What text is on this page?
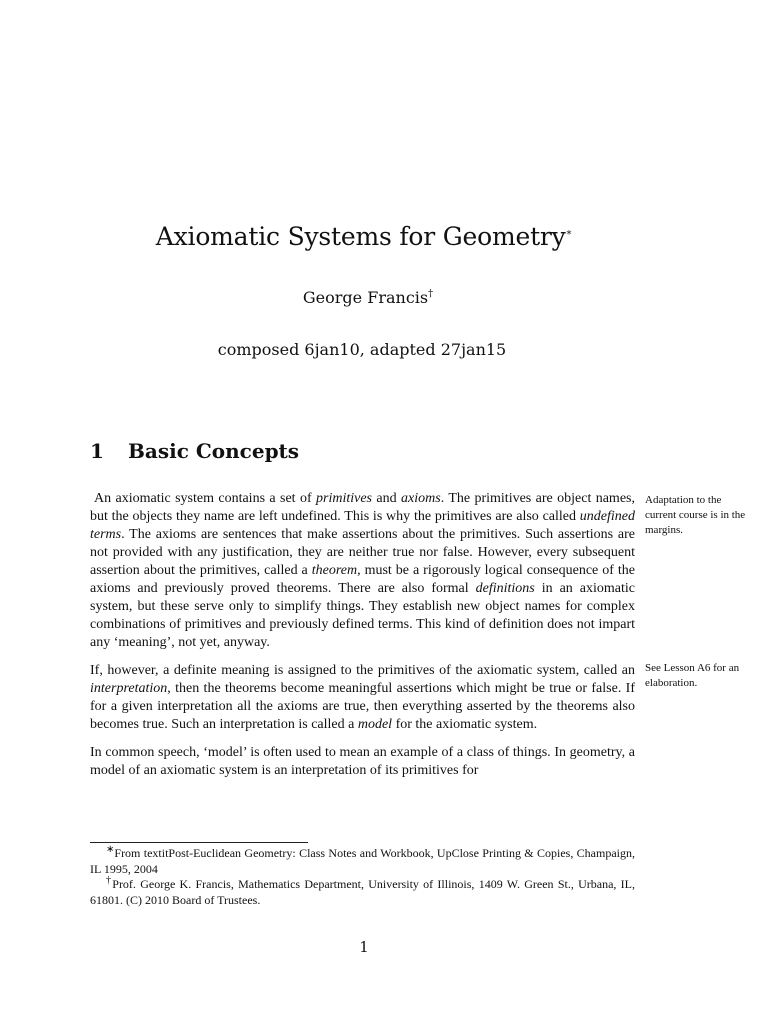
Axiomatic Systems for Geometry∗
George Francis†
composed 6jan10, adapted 27jan15
1 Basic Concepts

An axiomatic system contains a set of primitives and axioms. The primitives are object names, but the objects they name are left undefined. This is why the primitives are also called undefined terms. The axioms are sentences that make assertions about the primitives. Such assertions are not provided with any justification, they are neither true nor false. However, every subsequent assertion about the primitives, called a theorem, must be a rigorously logical consequence of the axioms and previously proved theorems. There are also formal definitions in an axiomatic system, but these serve only to simplify things. They establish new object names for complex combinations of primitives and previously defined terms. This kind of definition does not impart any ‘meaning’, not yet, anyway.

If, however, a definite meaning is assigned to the primitives of the axiomatic system, called an interpretation, then the theorems become meaningful assertions which might be true or false. If for a given interpretation all the axioms are true, then everything asserted by the theorems also becomes true. Such an interpretation is called a model for the axiomatic system.

In common speech, ‘model’ is often used to mean an example of a class of things. In geometry, a model of an axiomatic system is an interpretation of its primitives for

Adaptation to the current course is in the margins.
See Lesson A6 for an elaboration.
∗From textitPost-Euclidean Geometry: Class Notes and Workbook, UpClose Printing & Copies, Champaign, IL 1995, 2004
†Prof. George K. Francis, Mathematics Department, University of Illinois, 1409 W. Green St., Urbana, IL, 61801. (C) 2010 Board of Trustees.
1
